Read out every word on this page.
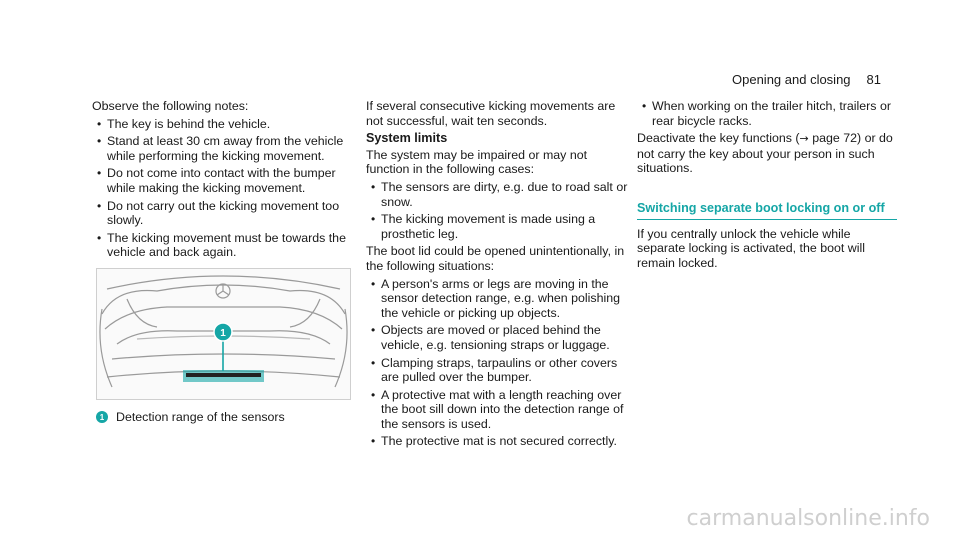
Opening and closing 81

Observe the following notes:

• The key is behind the vehicle.
• Stand at least 30 cm away from the vehicle while performing the kicking movement.
• Do not come into contact with the bumper while making the kicking movement.
• Do not carry out the kicking movement too slowly.
• The kicking movement must be towards the vehicle and back again.
1
1 Detection range of the sensors

If several consecutive kicking movements are not successful, wait ten seconds.

System limits

The system may be impaired or may not function in the following cases:

• The sensors are dirty, e.g. due to road salt or snow.
• The kicking movement is made using a prosthetic leg.

The boot lid could be opened unintentionally, in the following situations:

• A person's arms or legs are moving in the sensor detection range, e.g. when polishing the vehicle or picking up objects.
• Objects are moved or placed behind the vehicle, e.g. tensioning straps or luggage.
• Clamping straps, tarpaulins or other covers are pulled over the bumper.
• A protective mat with a length reaching over the boot sill down into the detection range of the sensors is used.
• The protective mat is not secured correctly.
• When working on the trailer hitch, trailers or rear bicycle racks.

Deactivate the key functions (→ page 72) or do not carry the key about your person in such situations.

Switching separate boot locking on or off

If you centrally unlock the vehicle while separate locking is activated, the boot will remain locked.

carmanualsonline.info
